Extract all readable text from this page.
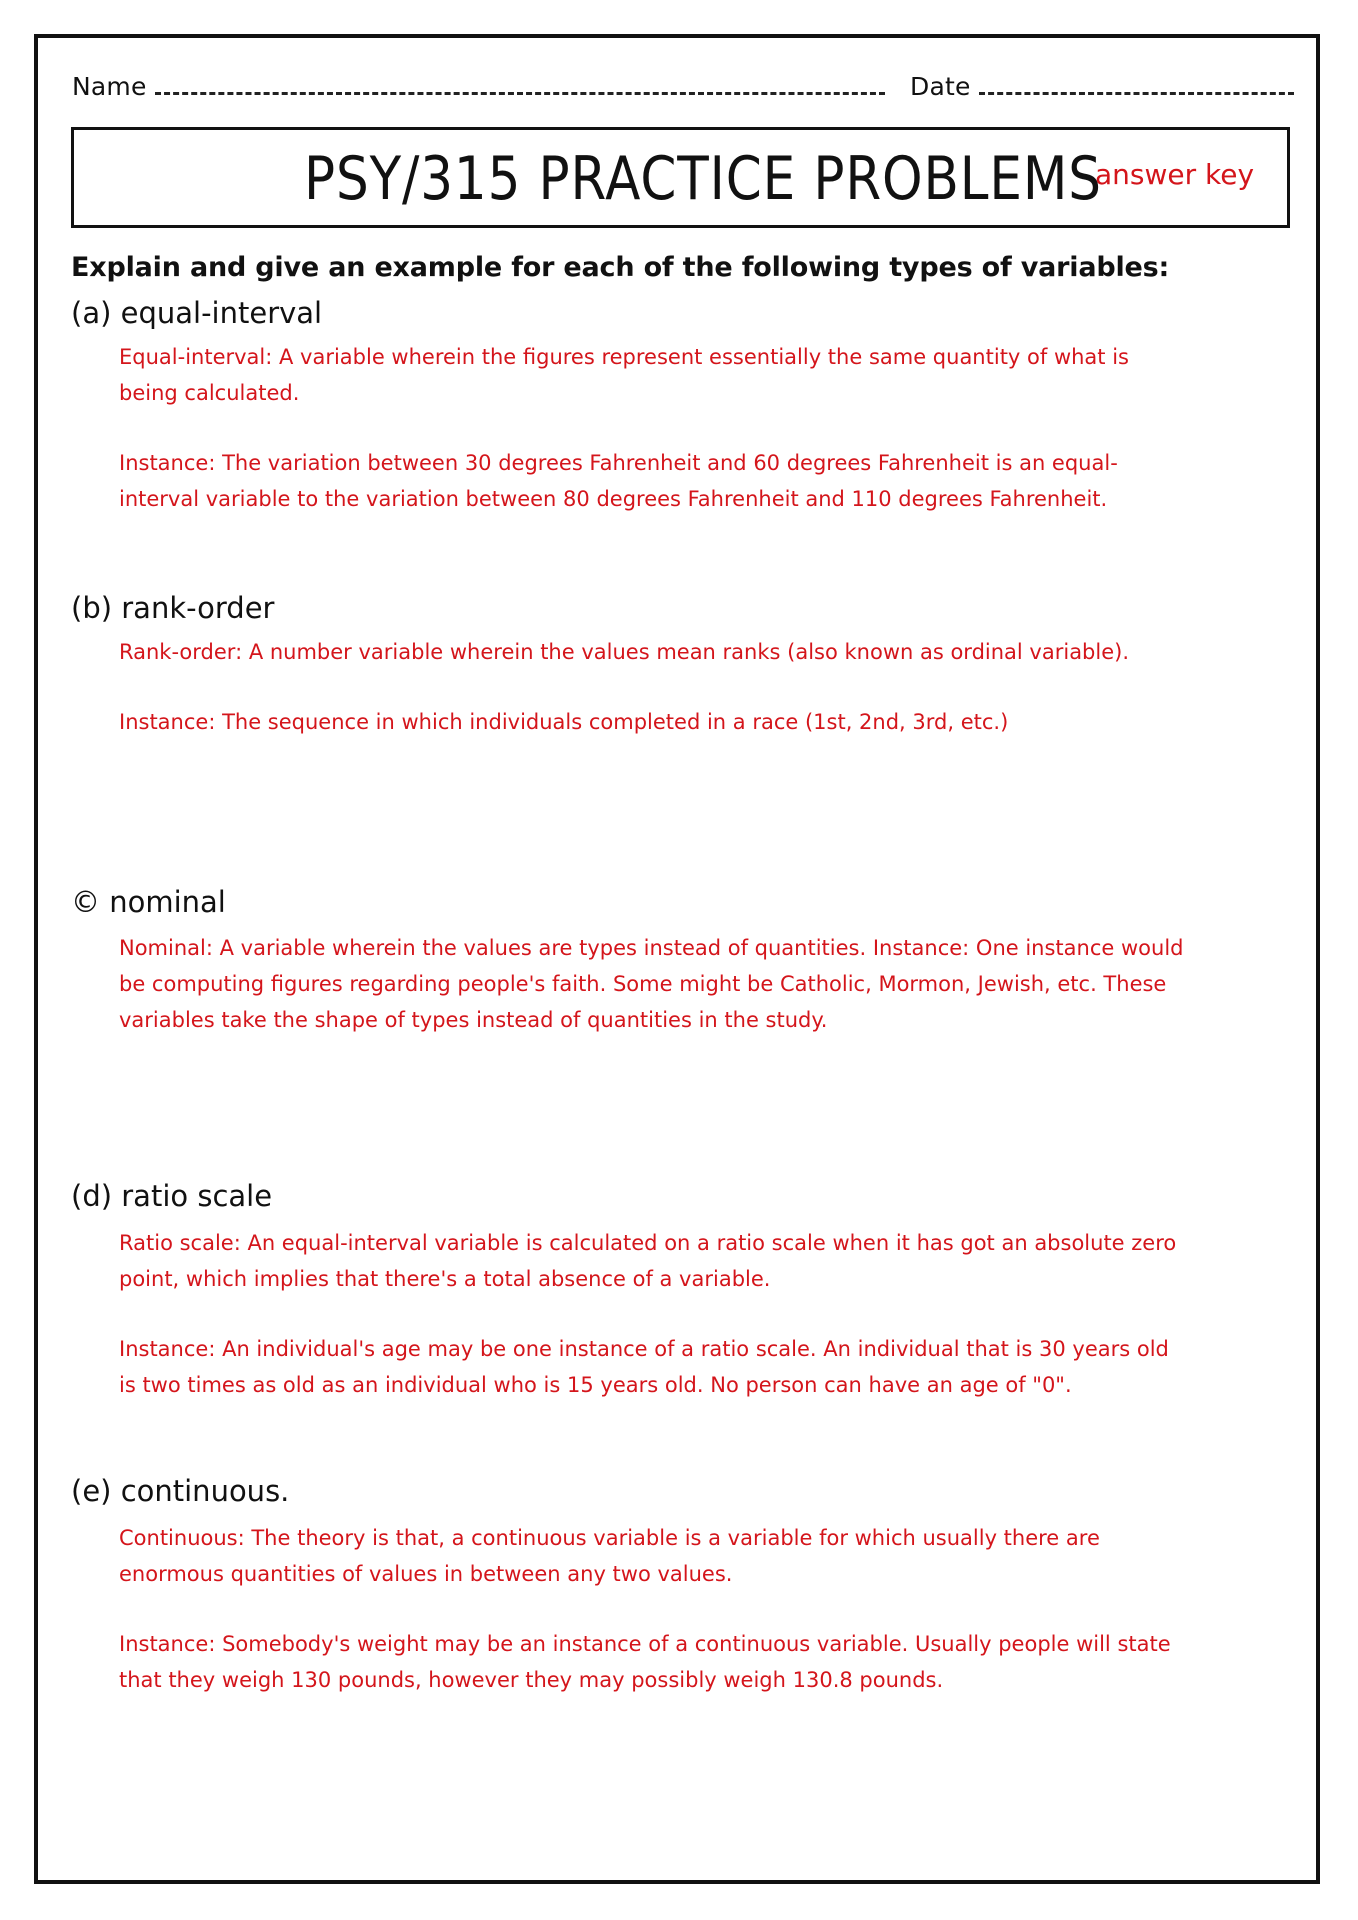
Name	Date
PSY/315 PRACTICE PROBLEMS
answer key
Explain and give an example for each of the following types of variables:
(a) equal-interval

Equal-interval: A variable wherein the figures represent essentially the same quantity of what is being calculated.

Instance: The variation between 30 degrees Fahrenheit and 60 degrees Fahrenheit is an equal-interval variable to the variation between 80 degrees Fahrenheit and 110 degrees Fahrenheit.

(b) rank-order

Rank-order: A number variable wherein the values mean ranks (also known as ordinal variable).

Instance: The sequence in which individuals completed in a race (1st, 2nd, 3rd, etc.)

© nominal

Nominal: A variable wherein the values are types instead of quantities. Instance: One instance would be computing figures regarding people's faith. Some might be Catholic, Mormon, Jewish, etc. These variables take the shape of types instead of quantities in the study.

(d) ratio scale

Ratio scale: An equal-interval variable is calculated on a ratio scale when it has got an absolute zero point, which implies that there's a total absence of a variable.

Instance: An individual's age may be one instance of a ratio scale. An individual that is 30 years old is two times as old as an individual who is 15 years old. No person can have an age of "0".

(e) continuous.

Continuous: The theory is that, a continuous variable is a variable for which usually there are enormous quantities of values in between any two values.

Instance: Somebody's weight may be an instance of a continuous variable. Usually people will state that they weigh 130 pounds, however they may possibly weigh 130.8 pounds.
